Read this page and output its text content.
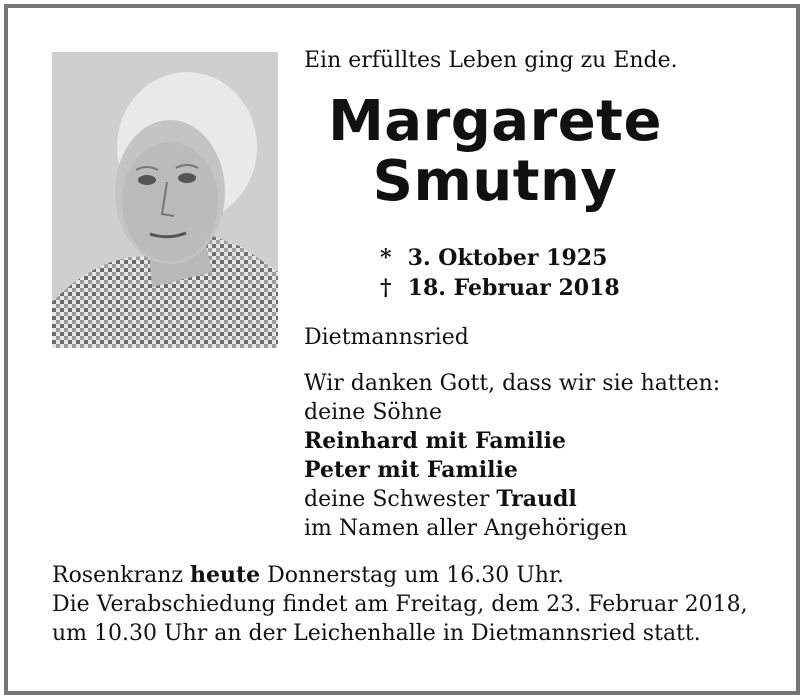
Ein erfülltes Leben ging zu Ende.
Margarete
Smutny
* 3. Oktober 1925
† 18. Februar 2018
Dietmannsried
Wir danken Gott, dass wir sie hatten:
deine Söhne
Reinhard mit Familie
Peter mit Familie
deine Schwester Traudl
im Namen aller Angehörigen
Rosenkranz heute Donnerstag um 16.30 Uhr.
Die Verabschiedung findet am Freitag, dem 23. Februar 2018,
um 10.30 Uhr an der Leichenhalle in Dietmannsried statt.
